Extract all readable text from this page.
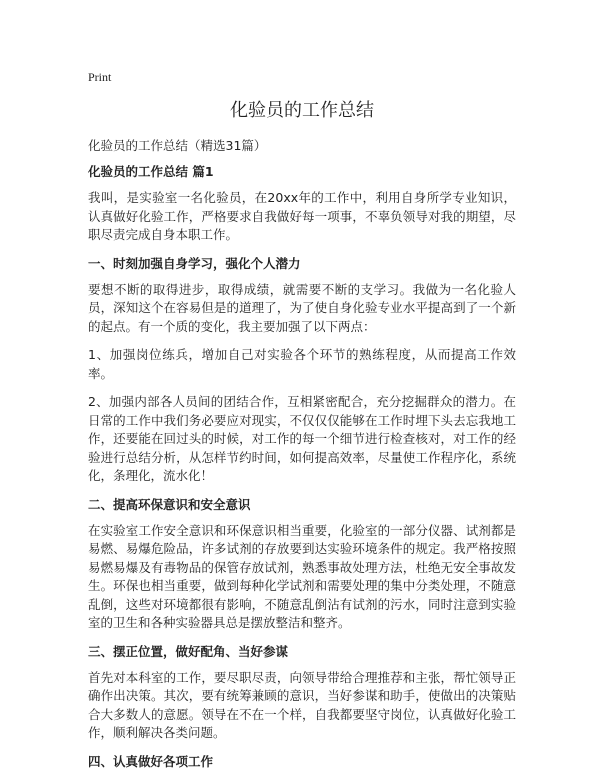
Print
化验员的工作总结
化验员的工作总结（精选31篇）
化验员的工作总结 篇1

我叫，是实验室一名化验员，在20xx年的工作中，利用自身所学专业知识，认真做好化验工作，严格要求自我做好每一项事，不辜负领导对我的期望，尽职尽责完成自身本职工作。

一、时刻加强自身学习，强化个人潜力

要想不断的取得进步，取得成绩，就需要不断的支学习。我做为一名化验人员，深知这个在容易但是的道理了，为了使自身化验专业水平提高到了一个新的起点。有一个质的变化，我主要加强了以下两点：

1、加强岗位练兵，增加自己对实验各个环节的熟练程度，从而提高工作效率。

2、加强内部各人员间的团结合作，互相紧密配合，充分挖掘群众的潜力。在日常的工作中我们务必要应对现实，不仅仅仅能够在工作时埋下头去忘我地工作，还要能在回过头的时候，对工作的每一个细节进行检查核对，对工作的经验进行总结分析，从怎样节约时间，如何提高效率，尽量使工作程序化，系统化，条理化，流水化！

二、提高环保意识和安全意识

在实验室工作安全意识和环保意识相当重要，化验室的一部分仪器、试剂都是易燃、易爆危险品，许多试剂的存放要到达实验环境条件的规定。我严格按照易燃易爆及有毒物品的保管存放试剂，熟悉事故处理方法，杜绝无安全事故发生。环保也相当重要，做到每种化学试剂和需要处理的集中分类处理，不随意乱倒，这些对环境都很有影响，不随意乱倒沾有试剂的污水，同时注意到实验室的卫生和各种实验器具总是摆放整洁和整齐。

三、摆正位置，做好配角、当好参谋

首先对本科室的工作，要尽职尽责，向领导带给合理推荐和主张，帮忙领导正确作出决策。其次，要有统筹兼顾的意识，当好参谋和助手，使做出的决策贴合大多数人的意愿。领导在不在一个样，自我都要坚守岗位，认真做好化验工作，顺利解决各类问题。

四、认真做好各项工作
